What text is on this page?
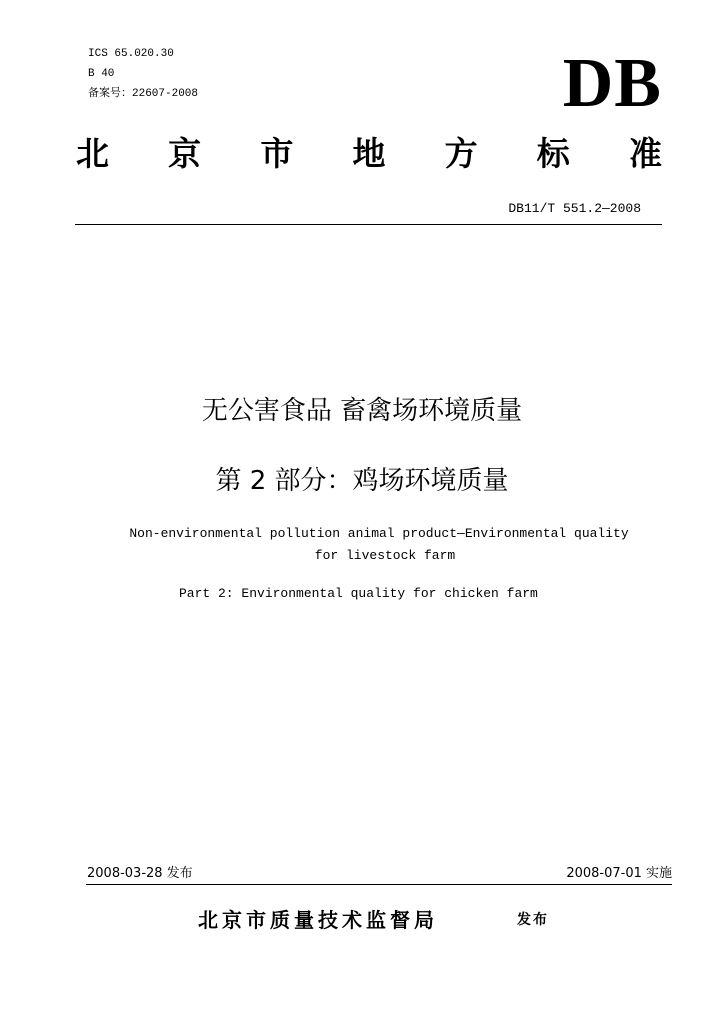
ICS 65.020.30
B 40
备案号：22607-2008	DB
北 京 市 地 方 标 准
DB11/T 551.2—2008
无公害食品 畜禽场环境质量
第 2 部分：鸡场环境质量
Non-environmental pollution animal product—Environmental quality
for livestock farm
Part 2: Environmental quality for chicken farm
2008-03-28 发布	2008-07-01 实施
北京市质量技术监督局	发布
